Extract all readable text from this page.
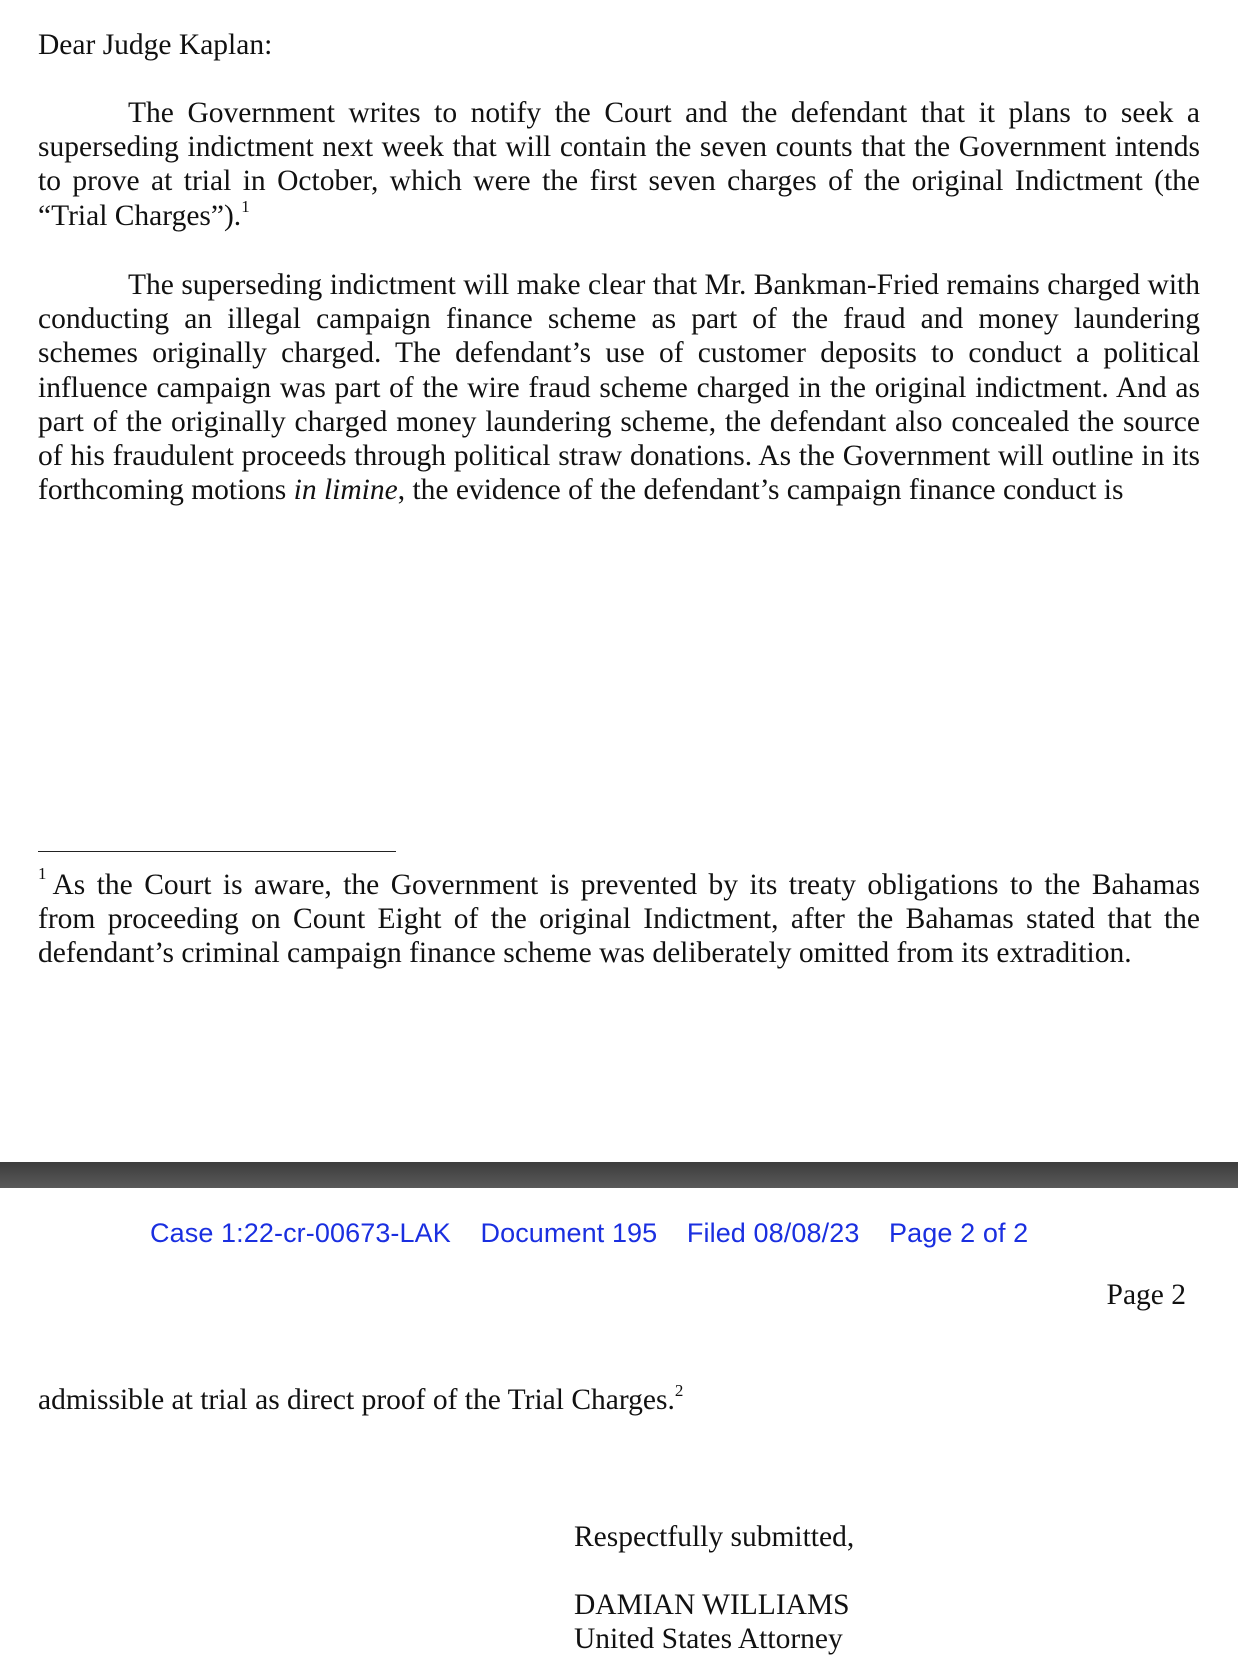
Dear Judge Kaplan:

The Government writes to notify the Court and the defendant that it plans to seek a superseding indictment next week that will contain the seven counts that the Government intends to prove at trial in October, which were the first seven charges of the original Indictment (the “Trial Charges”).$^1$

The superseding indictment will make clear that Mr. Bankman-Fried remains charged with conducting an illegal campaign finance scheme as part of the fraud and money laundering schemes originally charged. The defendant’s use of customer deposits to conduct a political influence campaign was part of the wire fraud scheme charged in the original indictment. And as part of the originally charged money laundering scheme, the defendant also concealed the source of his fraudulent proceeds through political straw donations. As the Government will outline in its forthcoming motions in limine, the evidence of the defendant’s campaign finance conduct is

$^1$ As the Court is aware, the Government is prevented by its treaty obligations to the Bahamas from proceeding on Count Eight of the original Indictment, after the Bahamas stated that the defendant’s criminal campaign finance scheme was deliberately omitted from its extradition.

Case 1:22-cr-00673-LAK Document 195 Filed 08/08/23 Page 2 of 2
Page 2
admissible at trial as direct proof of the Trial Charges.$^2$
Respectfully submitted,
DAMIAN WILLIAMS
United States Attorney
